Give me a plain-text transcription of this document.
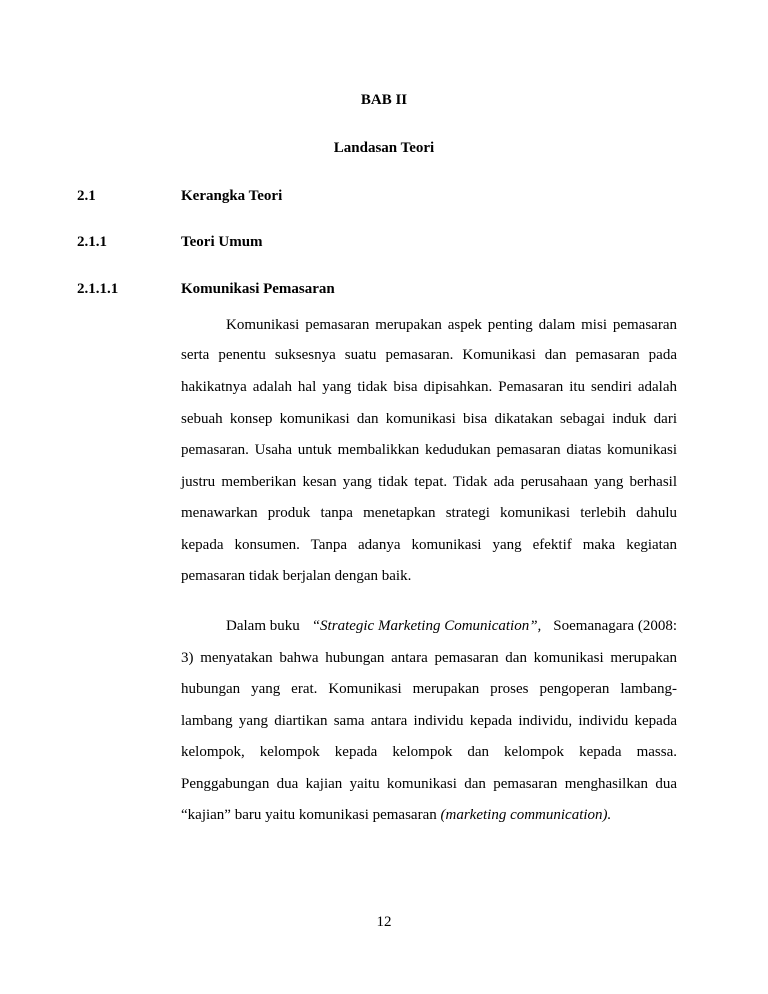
BAB II
Landasan Teori
2.1	Kerangka Teori
2.1.1	Teori Umum
2.1.1.1	Komunikasi Pemasaran
Komunikasi pemasaran merupakan aspek penting dalam misi pemasaran
serta penentu suksesnya suatu pemasaran. Komunikasi dan pemasaran pada
hakikatnya adalah hal yang tidak bisa dipisahkan. Pemasaran itu sendiri adalah
sebuah konsep komunikasi dan komunikasi bisa dikatakan sebagai induk dari
pemasaran. Usaha untuk membalikkan kedudukan pemasaran diatas komunikasi
justru memberikan kesan yang tidak tepat. Tidak ada perusahaan yang berhasil
menawarkan produk tanpa menetapkan strategi komunikasi terlebih dahulu
kepada konsumen. Tanpa adanya komunikasi yang efektif maka kegiatan
pemasaran tidak berjalan dengan baik.
Dalam buku “Strategic Marketing Comunication”, Soemanagara (2008:
3) menyatakan bahwa hubungan antara pemasaran dan komunikasi merupakan
hubungan yang erat. Komunikasi merupakan proses pengoperan lambang-
lambang yang diartikan sama antara individu kepada individu, individu kepada
kelompok, kelompok kepada kelompok dan kelompok kepada massa.
Penggabungan dua kajian yaitu komunikasi dan pemasaran menghasilkan dua
“kajian” baru yaitu komunikasi pemasaran (marketing communication).
12
